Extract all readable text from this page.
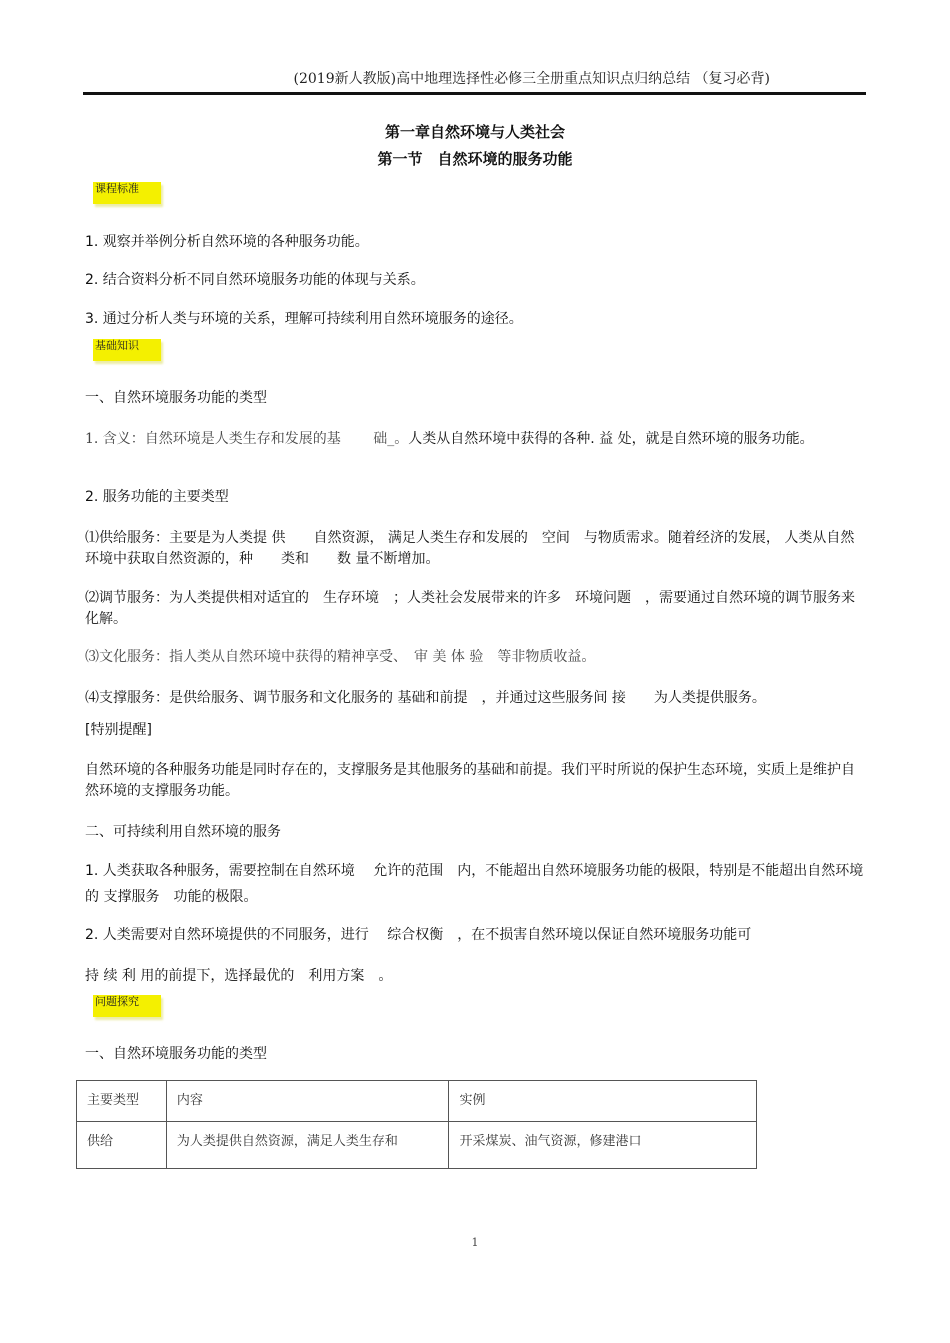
(2019新人教版)高中地理选择性必修三全册重点知识点归纳总结 （复习必背)
第一章自然环境与人类社会
第一节　自然环境的服务功能
课程标准
1. 观察并举例分析自然环境的各种服务功能。
2. 结合资料分析不同自然环境服务功能的体现与关系。
3. 通过分析人类与环境的关系，理解可持续利用自然环境服务的途径。
基础知识
一、自然环境服务功能的类型
1. 含义：自然环境是人类生存和发展的基 　　础_。人类从自然环境中获得的各种. 益 处，就是自然环境的服务功能。
2. 服务功能的主要类型
⑴供给服务：主要是为人类提 供　　自然资源， 满足人类生存和发展的　空间　与物质需求。随着经济的发展， 人类从自然环境中获取自然资源的，种　　类和　　数 量不断增加。
⑵调节服务：为人类提供相对适宜的　生存环境　；人类社会发展带来的许多　环境问题　，需要通过自然环境的调节服务来化解。
⑶文化服务：指人类从自然环境中获得的精神享受、　审 美 体 验　等非物质收益。
⑷支撑服务：是供给服务、调节服务和文化服务的 基础和前提　，并通过这些服务间 接　　为人类提供服务。
[特别提醒]
自然环境的各种服务功能是同时存在的，支撑服务是其他服务的基础和前提。我们平时所说的保护生态环境，实质上是维护自然环境的支撑服务功能。
二、可持续利用自然环境的服务
1. 人类获取各种服务，需要控制在自然环境　 允许的范围　内，不能超出自然环境服务功能的极限，特别是不能超出自然环境的 支撑服务　功能的极限。
2. 人类需要对自然环境提供的不同服务，进行　 综合权衡　，在不损害自然环境以保证自然环境服务功能可
持 续 利 用的前提下，选择最优的　利用方案　。
问题探究
一、自然环境服务功能的类型
主要类型	内容	实例
供给	为人类提供自然资源，满足人类生存和	开采煤炭、油气资源，修建港口
1
